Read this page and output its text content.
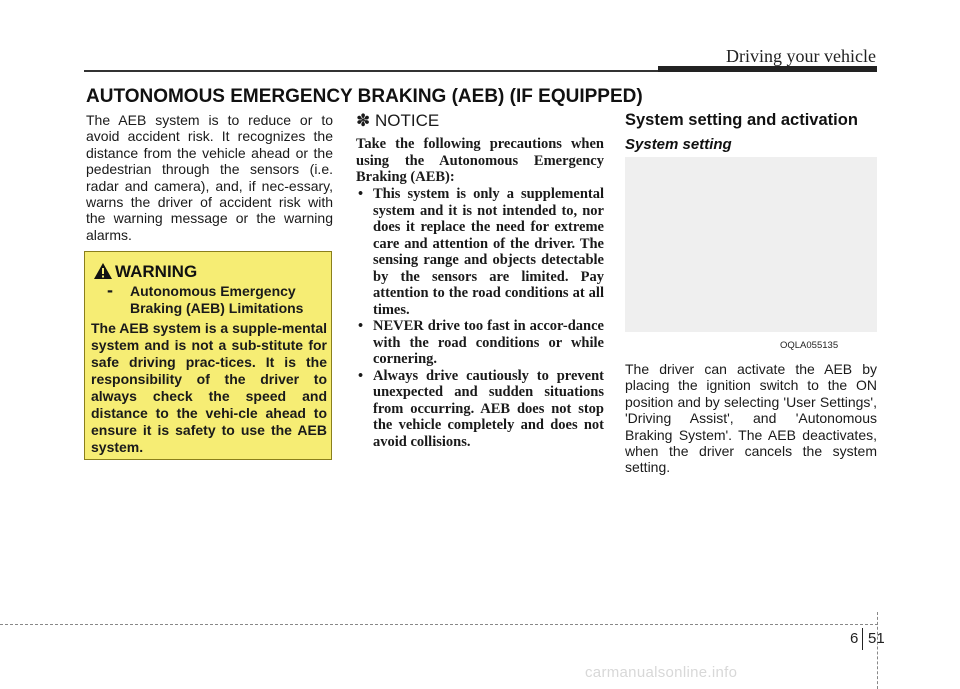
Driving your vehicle
AUTONOMOUS EMERGENCY BRAKING (AEB) (IF EQUIPPED)
The AEB system is to reduce or to avoid accident risk. It recognizes the distance from the vehicle ahead or the pedestrian through the sensors (i.e. radar and camera), and, if nec-essary, warns the driver of accident risk with the warning message or the warning alarms.
WARNING
- Autonomous Emergency Braking (AEB) Limitations
The AEB system is a supple-mental system and is not a sub-stitute for safe driving prac-tices. It is the responsibility of the driver to always check the speed and distance to the vehi-cle ahead to ensure it is safety to use the AEB system.
✽ NOTICE
Take the following precautions when using the Autonomous Emergency Braking (AEB):
• This system is only a supplemental system and it is not intended to, nor does it replace the need for extreme care and attention of the driver. The sensing range and objects detectable by the sensors are limited. Pay attention to the road conditions at all times.
• NEVER drive too fast in accor-dance with the road conditions or while cornering.
• Always drive cautiously to prevent unexpected and sudden situations from occurring. AEB does not stop the vehicle completely and does not avoid collisions.
System setting and activation
System setting
OQLA055135
The driver can activate the AEB by placing the ignition switch to the ON position and by selecting 'User Settings', 'Driving Assist', and 'Autonomous Braking System'. The AEB deactivates, when the driver cancels the system setting.
6 51
carmanualsonline.info
